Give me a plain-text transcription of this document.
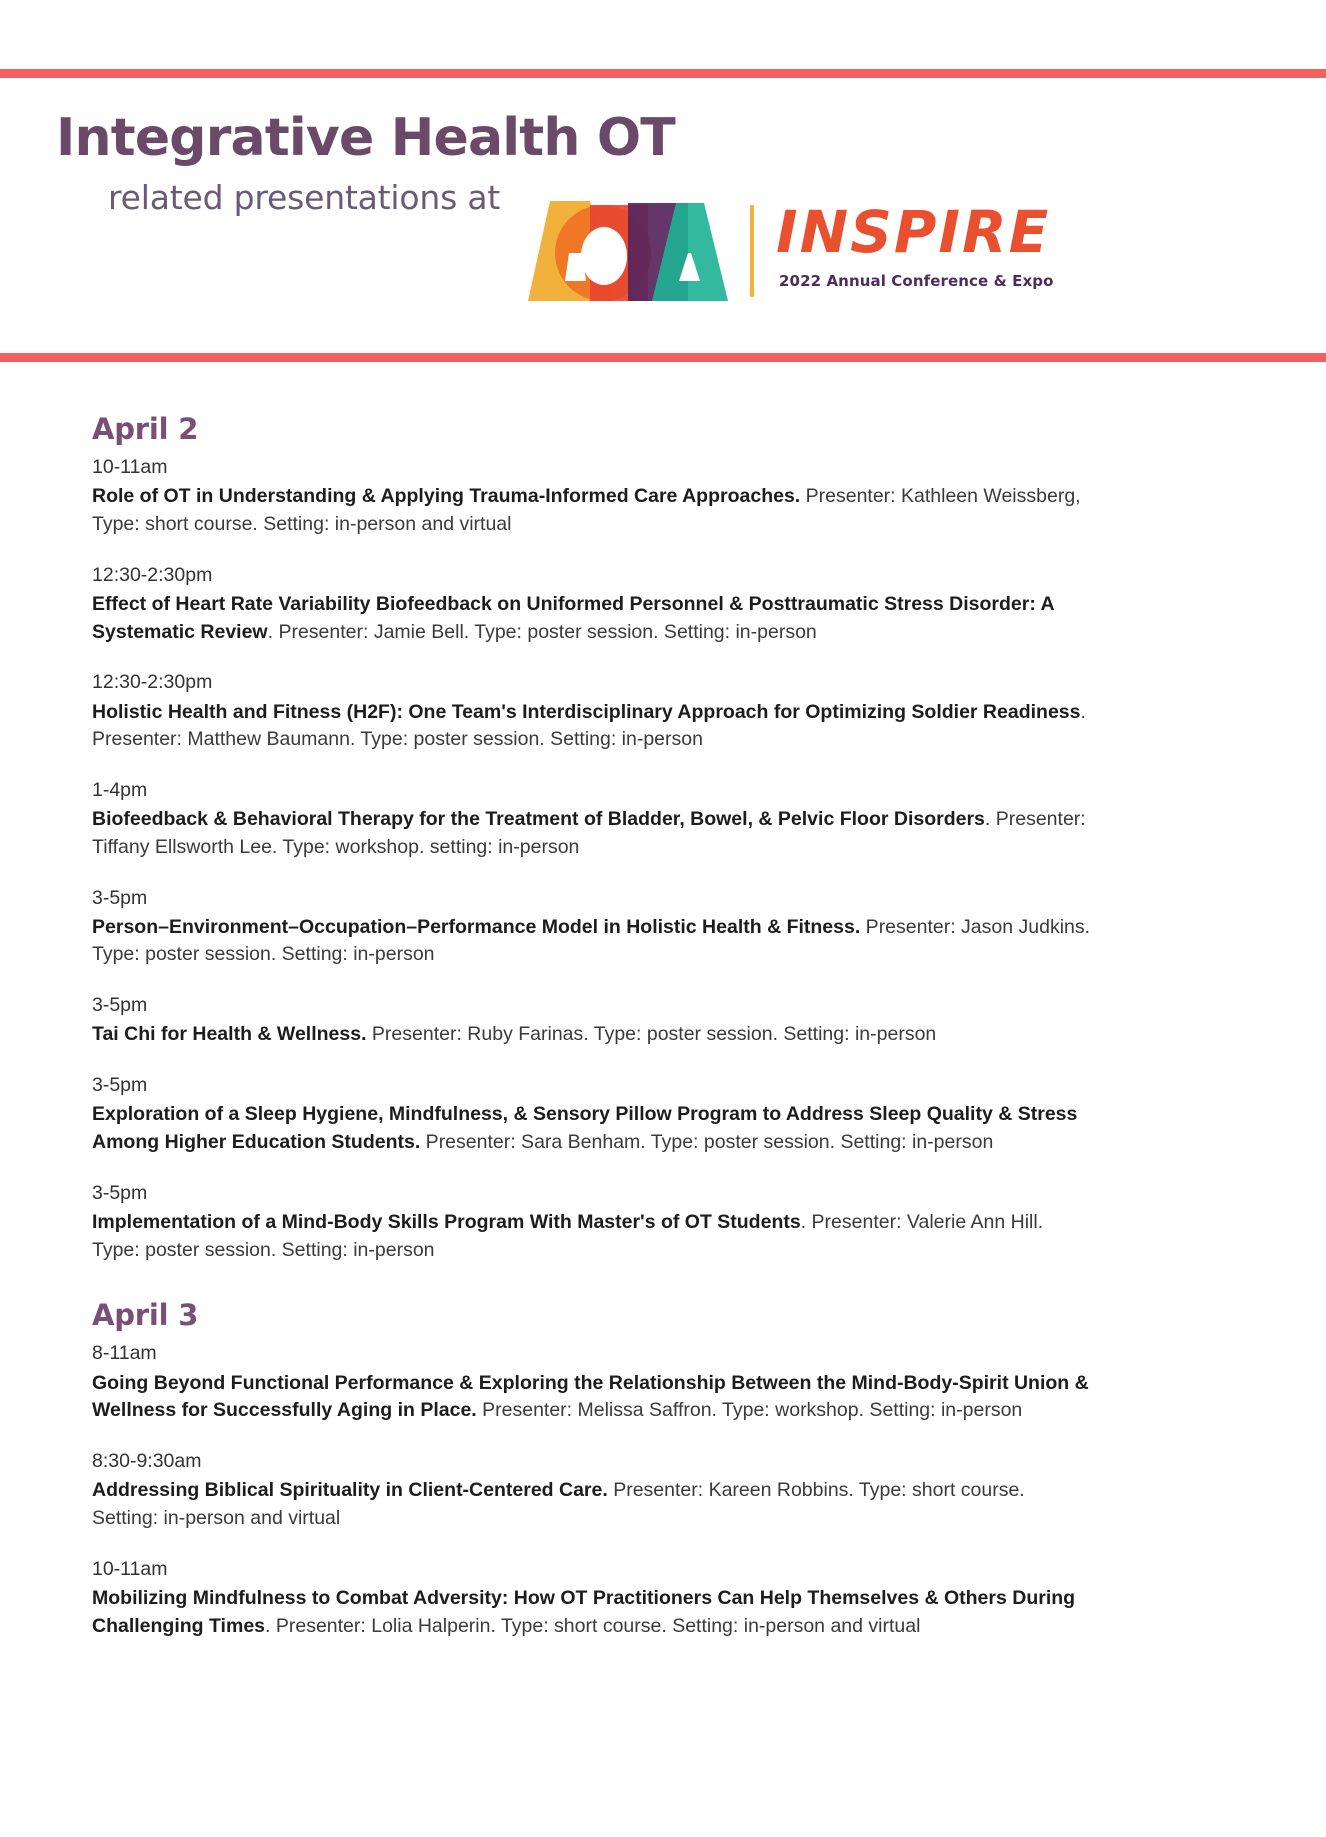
Integrative Health OT
related presentations at
INSPIRE
2022 Annual Conference & Expo
April 2
10-11am
Role of OT in Understanding & Applying Trauma-Informed Care Approaches. Presenter: Kathleen Weissberg, Type: short course. Setting: in-person and virtual
12:30-2:30pm
Effect of Heart Rate Variability Biofeedback on Uniformed Personnel & Posttraumatic Stress Disorder: A Systematic Review. Presenter: Jamie Bell. Type: poster session. Setting: in-person
12:30-2:30pm
Holistic Health and Fitness (H2F): One Team's Interdisciplinary Approach for Optimizing Soldier Readiness. Presenter: Matthew Baumann. Type: poster session. Setting: in-person
1-4pm
Biofeedback & Behavioral Therapy for the Treatment of Bladder, Bowel, & Pelvic Floor Disorders. Presenter: Tiffany Ellsworth Lee. Type: workshop. setting: in-person
3-5pm
Person–Environment–Occupation–Performance Model in Holistic Health & Fitness. Presenter: Jason Judkins. Type: poster session. Setting: in-person
3-5pm
Tai Chi for Health & Wellness. Presenter: Ruby Farinas. Type: poster session. Setting: in-person
3-5pm
Exploration of a Sleep Hygiene, Mindfulness, & Sensory Pillow Program to Address Sleep Quality & Stress Among Higher Education Students. Presenter: Sara Benham. Type: poster session. Setting: in-person
3-5pm
Implementation of a Mind-Body Skills Program With Master's of OT Students. Presenter: Valerie Ann Hill. Type: poster session. Setting: in-person
April 3
8-11am
Going Beyond Functional Performance & Exploring the Relationship Between the Mind-Body-Spirit Union & Wellness for Successfully Aging in Place. Presenter: Melissa Saffron. Type: workshop. Setting: in-person
8:30-9:30am
Addressing Biblical Spirituality in Client-Centered Care. Presenter: Kareen Robbins. Type: short course. Setting: in-person and virtual
10-11am
Mobilizing Mindfulness to Combat Adversity: How OT Practitioners Can Help Themselves & Others During Challenging Times. Presenter: Lolia Halperin. Type: short course. Setting: in-person and virtual
